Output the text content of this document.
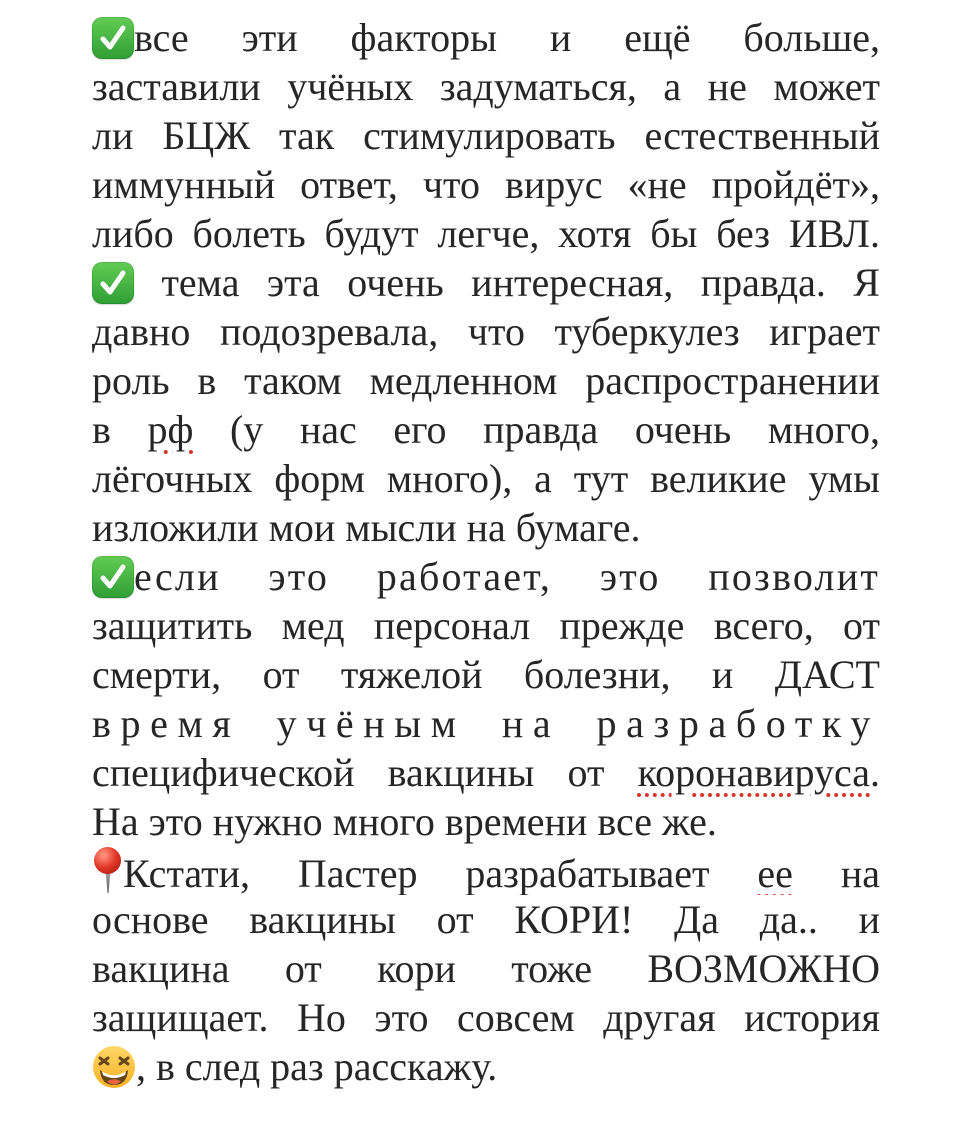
все эти факторы и ещё больше,
заставили учёных задуматься, а не может
ли БЦЖ так стимулировать естественный
иммунный ответ, что вирус «не пройдёт»,
либо болеть будут легче, хотя бы без ИВЛ.
тема эта очень интересная, правда. Я
давно подозревала, что туберкулез играет
роль в таком медленном распространении
в рф (у нас его правда очень много,
лёгочных форм много), а тут великие умы
изложили мои мысли на бумаге.
если это работает, это позволит
защитить мед персонал прежде всего, от
смерти, от тяжелой болезни, и ДАСТ
время учёным на разработку
специфической вакцины от коронавируса.
На это нужно много времени все же.
Кстати, Пастер разрабатывает ее на
основе вакцины от КОРИ! Да да.. и
вакцина от кори тоже ВОЗМОЖНО
защищает. Но это совсем другая история
, в след раз расскажу.
